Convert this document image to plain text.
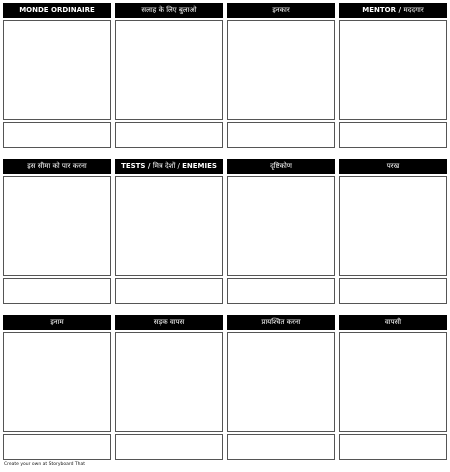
MONDE ORDINAIRE	सलाह के लिए बुलाओ	इनकार	MENTOR / मददगार
इस सीमा को पार करना	TESTS / मित्र देशों / ENEMIES	दृष्टिकोण	परख
इनाम	सड़क वापस	प्रायश्चित करना	वापसी
Create your own at Storyboard That
